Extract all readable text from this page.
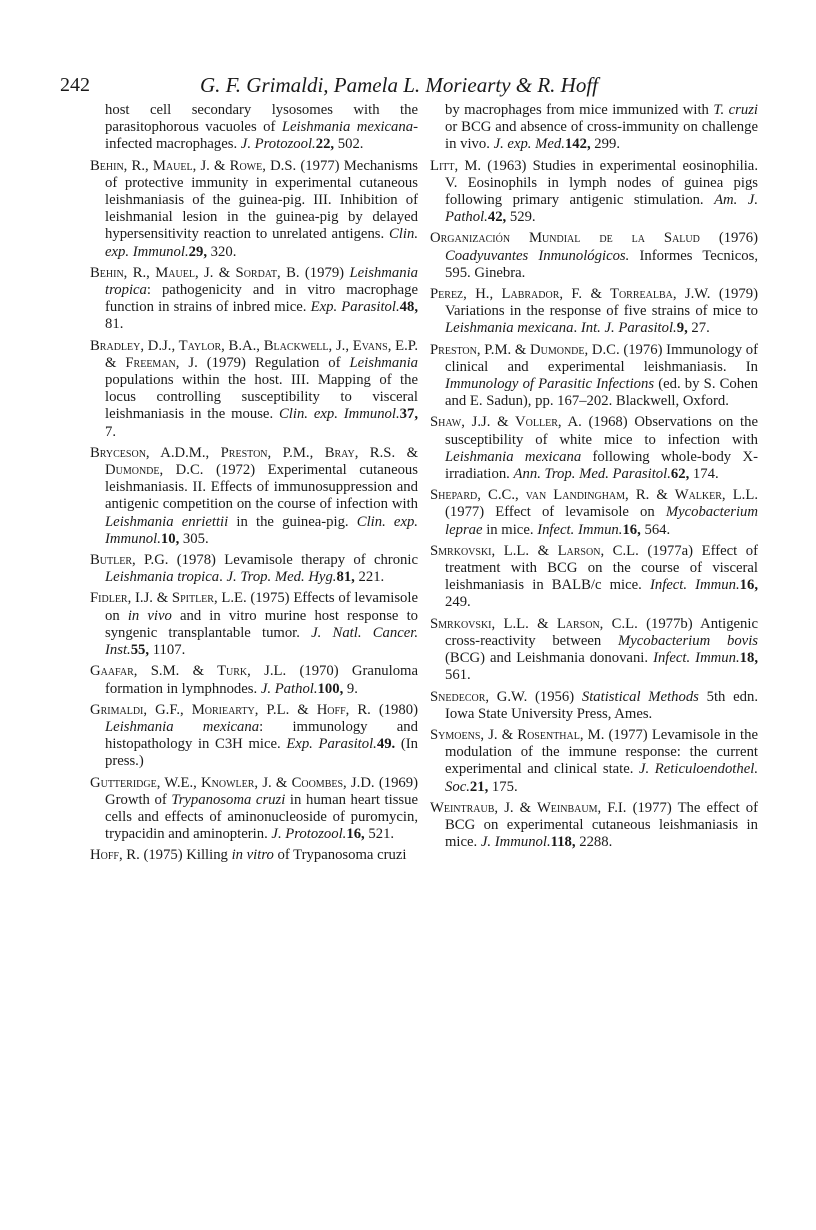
242	G. F. Grimaldi, Pamela L. Moriearty & R. Hoff

host cell secondary lysosomes with the parasitophorous vacuoles of Leishmania mexicana-infected macrophages. J. Protozool.22, 502.

Behin, R., Mauel, J. & Rowe, D.S. (1977) Mechanisms of protective immunity in experimental cutaneous leishmaniasis of the guinea-pig. III. Inhibition of leishmanial lesion in the guinea-pig by delayed hypersensitivity reaction to unrelated antigens. Clin. exp. Immunol.29, 320.

Behin, R., Mauel, J. & Sordat, B. (1979) Leishmania tropica: pathogenicity and in vitro macrophage function in strains of inbred mice. Exp. Parasitol.48, 81.

Bradley, D.J., Taylor, B.A., Blackwell, J., Evans, E.P. & Freeman, J. (1979) Regulation of Leishmania populations within the host. III. Mapping of the locus controlling susceptibility to visceral leishmaniasis in the mouse. Clin. exp. Immunol.37, 7.

Bryceson, A.D.M., Preston, P.M., Bray, R.S. & Dumonde, D.C. (1972) Experimental cutaneous leishmaniasis. II. Effects of immunosuppression and antigenic competition on the course of infection with Leishmania enriettii in the guinea-pig. Clin. exp. Immunol.10, 305.

Butler, P.G. (1978) Levamisole therapy of chronic Leishmania tropica. J. Trop. Med. Hyg.81, 221.

Fidler, I.J. & Spitler, L.E. (1975) Effects of levamisole on in vivo and in vitro murine host response to syngenic transplantable tumor. J. Natl. Cancer. Inst.55, 1107.

Gaafar, S.M. & Turk, J.L. (1970) Granuloma formation in lymphnodes. J. Pathol.100, 9.

Grimaldi, G.F., Moriearty, P.L. & Hoff, R. (1980) Leishmania mexicana: immunology and histopathology in C3H mice. Exp. Parasitol.49. (In press.)

Gutteridge, W.E., Knowler, J. & Coombes, J.D. (1969) Growth of Trypanosoma cruzi in human heart tissue cells and effects of aminonucleoside of puromycin, trypacidin and aminopterin. J. Protozool.16, 521.

Hoff, R. (1975) Killing in vitro of Trypanosoma cruzi

by macrophages from mice immunized with T. cruzi or BCG and absence of cross-immunity on challenge in vivo. J. exp. Med.142, 299.

Litt, M. (1963) Studies in experimental eosinophilia. V. Eosinophils in lymph nodes of guinea pigs following primary antigenic stimulation. Am. J. Pathol.42, 529.

Organización Mundial de la Salud (1976) Coadyuvantes Inmunológicos. Informes Tecnicos, 595. Ginebra.

Perez, H., Labrador, F. & Torrealba, J.W. (1979) Variations in the response of five strains of mice to Leishmania mexicana. Int. J. Parasitol.9, 27.

Preston, P.M. & Dumonde, D.C. (1976) Immunology of clinical and experimental leishmaniasis. In Immunology of Parasitic Infections (ed. by S. Cohen and E. Sadun), pp. 167–202. Blackwell, Oxford.

Shaw, J.J. & Voller, A. (1968) Observations on the susceptibility of white mice to infection with Leishmania mexicana following whole-body X-irradiation. Ann. Trop. Med. Parasitol.62, 174.

Shepard, C.C., van Landingham, R. & Walker, L.L. (1977) Effect of levamisole on Mycobacterium leprae in mice. Infect. Immun.16, 564.

Smrkovski, L.L. & Larson, C.L. (1977a) Effect of treatment with BCG on the course of visceral leishmaniasis in BALB/c mice. Infect. Immun.16, 249.

Smrkovski, L.L. & Larson, C.L. (1977b) Antigenic cross-reactivity between Mycobacterium bovis (BCG) and Leishmania donovani. Infect. Immun.18, 561.

Snedecor, G.W. (1956) Statistical Methods 5th edn. Iowa State University Press, Ames.

Symoens, J. & Rosenthal, M. (1977) Levamisole in the modulation of the immune response: the current experimental and clinical state. J. Reticuloendothel. Soc.21, 175.

Weintraub, J. & Weinbaum, F.I. (1977) The effect of BCG on experimental cutaneous leishmaniasis in mice. J. Immunol.118, 2288.
